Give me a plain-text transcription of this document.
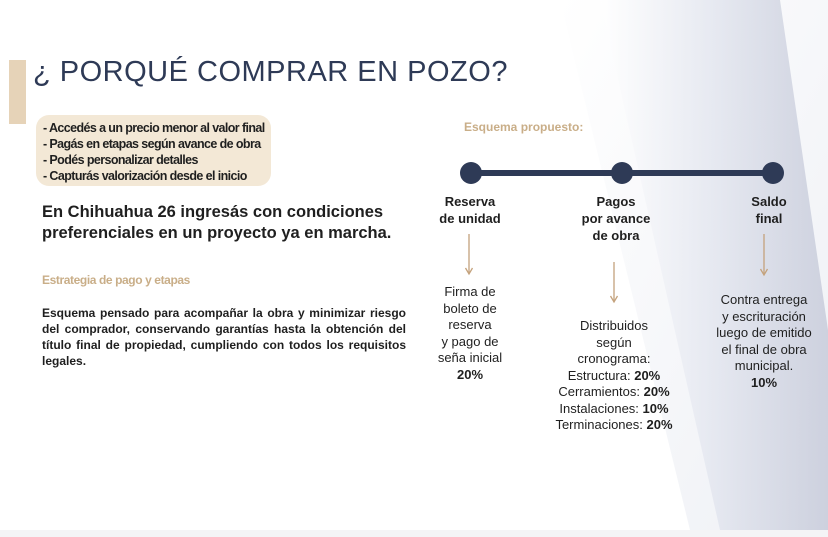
¿ PORQUÉ COMPRAR EN POZO?
- Accedés a un precio menor al valor final
- Pagás en etapas según avance de obra
- Podés personalizar detalles
- Capturás valorización desde el inicio

En Chihuahua 26 ingresás con condiciones preferenciales en un proyecto ya en marcha.

Estrategia de pago y etapas

Esquema pensado para acompañar la obra y minimizar riesgo del comprador, conservando garantías hasta la obtención del título final de propiedad, cumpliendo con todos los requisitos legales.

Esquema propuesto:

Reserva
de unidad
Firma de
boleto de
reserva
y pago de
seña inicial
20%
Pagos
por avance
de obra
Distribuidos
según
cronograma:
Estructura: 20%
Cerramientos: 20%
Instalaciones: 10%
Terminaciones: 20%
Saldo
final
Contra entrega
y escrituración
luego de emitido
el final de obra
municipal.
10%
